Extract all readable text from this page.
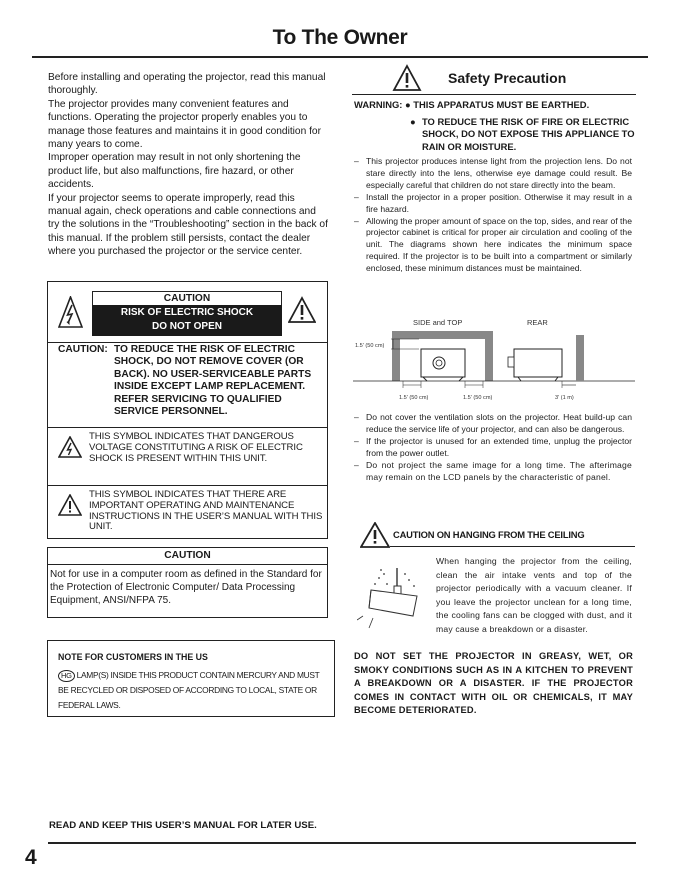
To The Owner

Before installing and operating the projector, read this manual thoroughly.

The projector provides many convenient features and functions. Operating the projector properly enables you to manage those features and maintains it in good condition for many years to come.

Improper operation may result in not only shortening the product life, but also malfunctions, fire hazard, or other accidents.

If your projector seems to operate improperly, read this manual again, check operations and cable connections and try the solutions in the “Troubleshooting” section in the back of this manual. If the problem still persists, contact the dealer where you purchased the projector or the service center.

CAUTION
RISK OF ELECTRIC SHOCK
DO NOT OPEN
CAUTION: TO REDUCE THE RISK OF ELECTRIC SHOCK, DO NOT REMOVE COVER (OR BACK). NO USER-SERVICEABLE PARTS INSIDE EXCEPT LAMP REPLACEMENT. REFER SERVICING TO QUALIFIED SERVICE PERSONNEL.
THIS SYMBOL INDICATES THAT DANGEROUS VOLTAGE CONSTITUTING A RISK OF ELECTRIC SHOCK IS PRESENT WITHIN THIS UNIT.
THIS SYMBOL INDICATES THAT THERE ARE IMPORTANT OPERATING AND MAINTENANCE INSTRUCTIONS IN THE USER’S MANUAL WITH THIS UNIT.
CAUTION
Not for use in a computer room as defined in the Standard for the Protection of Electronic Computer/ Data Processing Equipment, ANSI/NFPA 75.
NOTE FOR CUSTOMERS IN THE US
HG LAMP(S) INSIDE THIS PRODUCT CONTAIN MERCURY AND MUST BE RECYCLED OR DISPOSED OF ACCORDING TO LOCAL, STATE OR FEDERAL LAWS.
Safety Precaution
WARNING: ● THIS APPARATUS MUST BE EARTHED.
● TO REDUCE THE RISK OF FIRE OR ELECTRIC SHOCK, DO NOT EXPOSE THIS APPLIANCE TO RAIN OR MOISTURE.
– This projector produces intense light from the projection lens. Do not stare directly into the lens, otherwise eye damage could result. Be especially careful that children do not stare directly into the beam.
– Install the projector in a proper position. Otherwise it may result in a fire hazard.
– Allowing the proper amount of space on the top, sides, and rear of the projector cabinet is critical for proper air circulation and cooling of the unit. The diagrams shown here indicates the minimum space required. If the projector is to be built into a compartment or similarly enclosed, these minimum distances must be maintained.
SIDE and TOP	REAR
1.5' (50 cm)
1.5' (50 cm)	1.5' (50 cm)	3' (1 m)
– Do not cover the ventilation slots on the projector. Heat build-up can reduce the service life of your projector, and can also be dangerous.
– If the projector is unused for an extended time, unplug the projector from the power outlet.
– Do not project the same image for a long time. The afterimage may remain on the LCD panels by the characteristic of panel.
CAUTION ON HANGING FROM THE CEILING
When hanging the projector from the ceiling, clean the air intake vents and top of the projector periodically with a vacuum cleaner. If you leave the projector unclean for a long time, the cooling fans can be clogged with dust, and it may cause a breakdown or a disaster.
DO NOT SET THE PROJECTOR IN GREASY, WET, OR SMOKY CONDITIONS SUCH AS IN A KITCHEN TO PREVENT A BREAKDOWN OR A DISASTER. IF THE PROJECTOR COMES IN CONTACT WITH OIL OR CHEMICALS, IT MAY BECOME DETERIORATED.
READ AND KEEP THIS USER’S MANUAL FOR LATER USE.
4
